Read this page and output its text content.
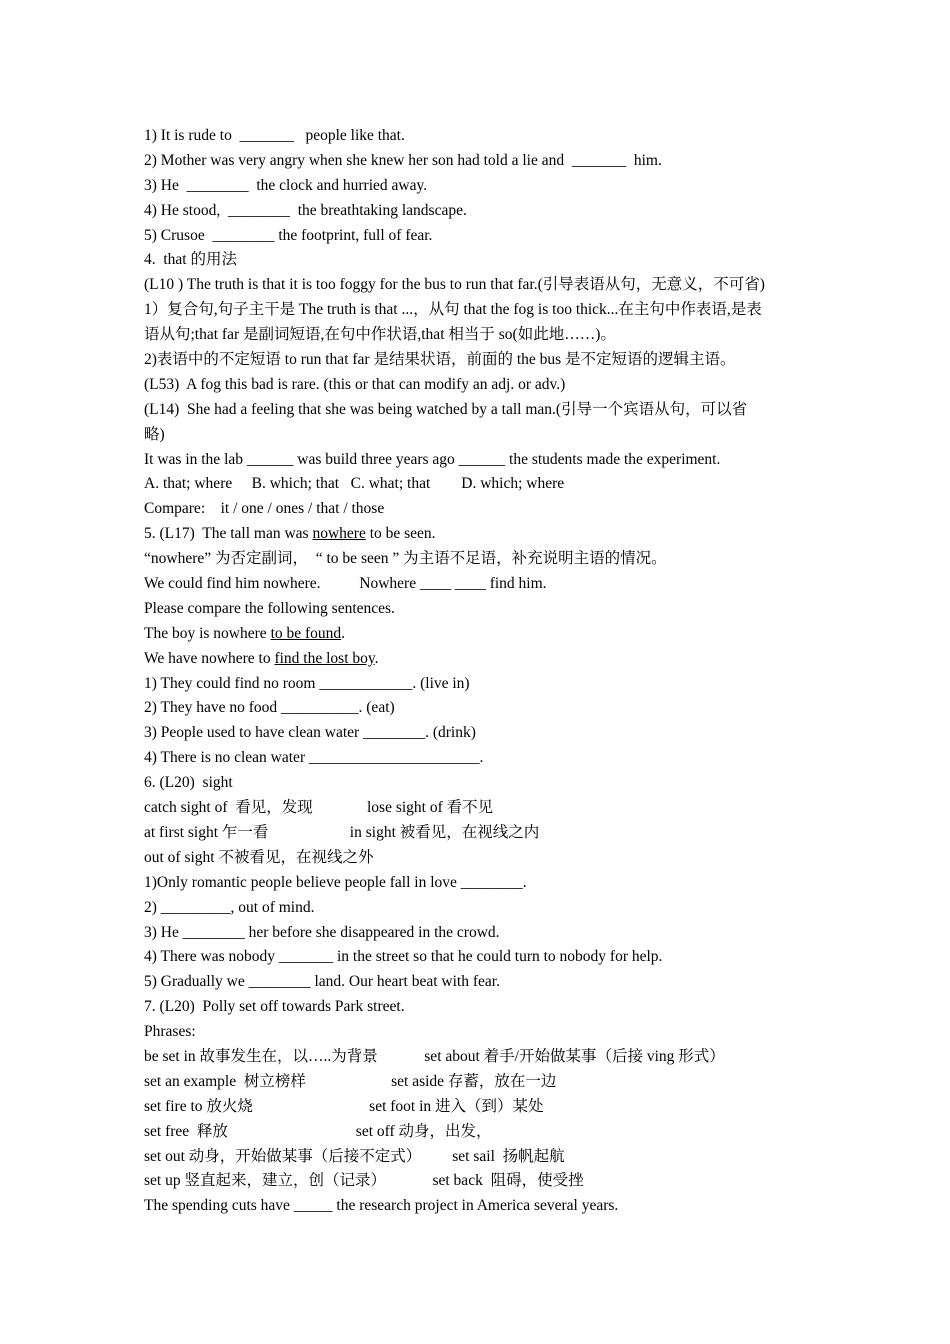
1) It is rude to  _______   people like that.
2) Mother was very angry when she knew her son had told a lie and  _______  him.
3) He  ________  the clock and hurried away.
4) He stood,  ________  the breathtaking landscape.
5) Crusoe  ________ the footprint, full of fear.
4.  that 的用法
(L10 ) The truth is that it is too foggy for the bus to run that far.(引导表语从句，无意义，不可省)
1）复合句,句子主干是 The truth is that ...，从句 that the fog is too thick...在主句中作表语,是表
语从句;that far 是副词短语,在句中作状语,that 相当于 so(如此地……)。
2)表语中的不定短语 to run that far 是结果状语，前面的 the bus 是不定短语的逻辑主语。
(L53)  A fog this bad is rare. (this or that can modify an adj. or adv.)
(L14)  She had a feeling that she was being watched by a tall man.(引导一个宾语从句，可以省
略)
It was in the lab ______ was build three years ago ______ the students made the experiment.
A. that; where     B. which; that   C. what; that        D. which; where
Compare:    it / one / ones / that / those
5. (L17)  The tall man was nowhere to be seen.
“nowhere” 为否定副词，  “ to be seen ” 为主语不足语，补充说明主语的情况。
We could find him nowhere.          Nowhere ____ ____ find him.
Please compare the following sentences.
The boy is nowhere to be found.
We have nowhere to find the lost boy.
1) They could find no room ____________. (live in)
2) They have no food __________. (eat)
3) People used to have clean water ________. (drink)
4) There is no clean water ______________________.
6. (L20)  sight
catch sight of  看见，发现              lose sight of 看不见
at first sight 乍一看                     in sight 被看见，在视线之内
out of sight 不被看见，在视线之外
1)Only romantic people believe people fall in love ________.
2) _________, out of mind.
3) He ________ her before she disappeared in the crowd.
4) There was nobody _______ in the street so that he could turn to nobody for help.
5) Gradually we ________ land. Our heart beat with fear.
7. (L20)  Polly set off towards Park street.
Phrases:
be set in 故事发生在，以…..为背景            set about 着手/开始做某事（后接 ving 形式）
set an example  树立榜样                      set aside 存蓄，放在一边
set fire to 放火烧                              set foot in 进入（到）某处
set free  释放                                 set off 动身，出发，
set out 动身，开始做某事（后接不定式）        set sail  扬帆起航
set up 竖直起来，建立，创（记录）            set back  阻碍，使受挫
The spending cuts have _____ the research project in America several years.
